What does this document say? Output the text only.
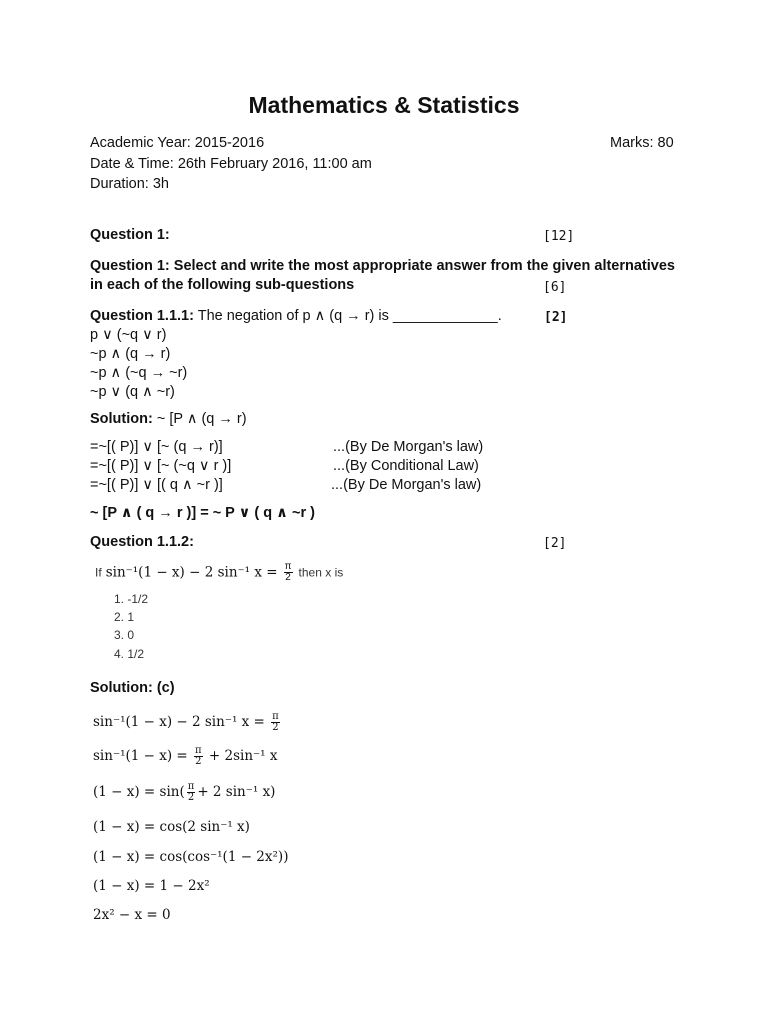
Mathematics & Statistics
Academic Year: 2015-2016	Marks: 80
Date & Time: 26th February 2016, 11:00 am
Duration: 3h
Question 1:	[12]
Question 1: Select and write the most appropriate answer from the given alternatives
in each of the following sub-questions	[6]
Question 1.1.1: The negation of p ∧ (q → r) is _____________.	[2]
p ∨ (~q ∨ r)
~p ∧ (q → r)
~p ∧ (~q → ~r)
~p ∨ (q ∧ ~r)
Solution: ~ [P ∧ (q → r)
=~[( P)] ∨ [~ (q → r)]	...(By De Morgan's law)
=~[( P)] ∨ [~ (~q ∨ r )]	...(By Conditional Law)
=~[( P)] ∨ [( q ∧ ~r )]	...(By De Morgan's law)
~ [P ∧ ( q → r )] = ~ P ∨ ( q ∧ ~r )
Question 1.1.2:	[2]
If sin⁻¹(1 − x) − 2 sin⁻¹ $x = \frac{\pi}{2}$ then x is
1. -1/2
2. 1
3. 0
4. 1/2
Solution: (c)
sin⁻¹(1 − x) − 2 sin⁻¹ $x = \frac{\pi}{2}$
$\sin^{-1}(1 - x) = \frac{\pi}{2} + 2\sin^{-1}$ x
$(1 - x) = \sin( \frac{\pi}{2} + 2$ sin⁻¹ x)
(1 − x) = cos(2 sin⁻¹ x)
(1 − x) = cos(cos⁻¹(1 − 2x²))
(1 − x) = 1 − 2x²
2x² − x = 0
